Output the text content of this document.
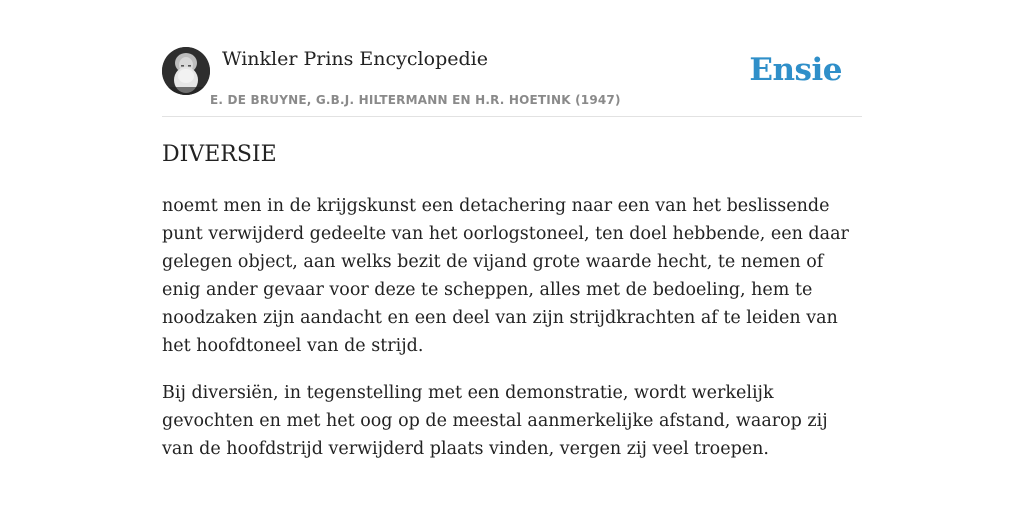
Winkler Prins Encyclopedie
E. DE BRUYNE, G.B.J. HILTERMANN EN H.R. HOETINK (1947)
Ensie
DIVERSIE

noemt men in de krijgskunst een detachering naar een van het beslissende punt verwijderd gedeelte van het oorlogstoneel, ten doel hebbende, een daar gelegen object, aan welks bezit de vijand grote waarde hecht, te nemen of enig ander gevaar voor deze te scheppen, alles met de bedoeling, hem te noodzaken zijn aandacht en een deel van zijn strijdkrachten af te leiden van het hoofdtoneel van de strijd.

Bij diversiën, in tegenstelling met een demonstratie, wordt werkelijk gevochten en met het oog op de meestal aanmerkelijke afstand, waarop zij van de hoofdstrijd verwijderd plaats vinden, vergen zij veel troepen.
